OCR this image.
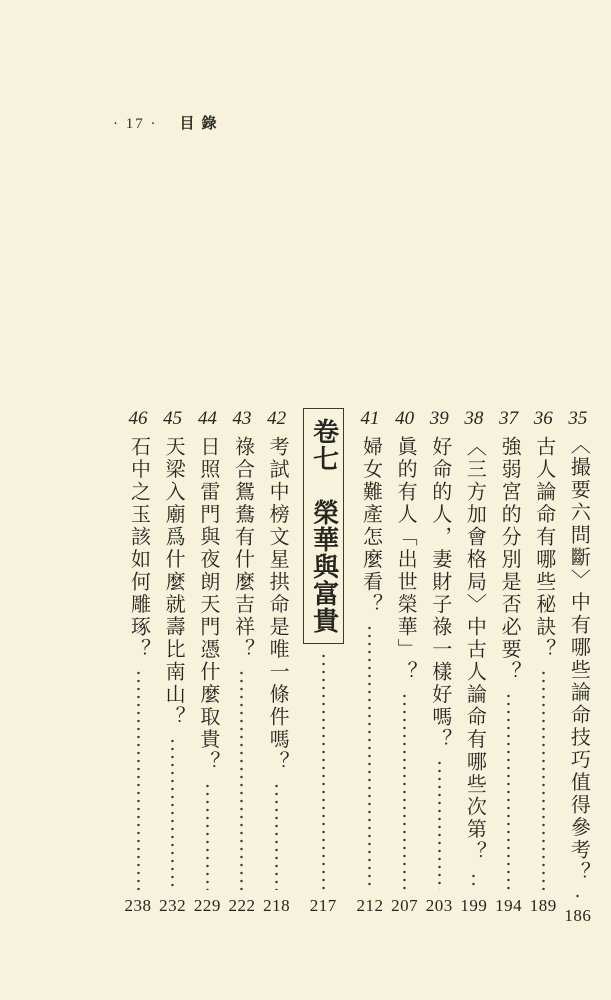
· 17 · 目錄
35
〈撮要六問斷〉中有哪些論命技巧值得參考？
186
36
古人論命有哪些秘訣？
189
37
強弱宮的分別是否必要？
194
38
〈三方加會格局〉中古人論命有哪些次第？
199
39
好命的人，妻財子祿一樣好嗎？
203
40
眞的有人「出世榮華」？
207
41
婦女難產怎麼看？
212
卷七　榮華與富貴
217
42
考試中榜文星拱命是唯一條件嗎？
218
43
祿合鴛鴦有什麼吉祥？
222
44
日照雷門與夜朗天門憑什麼取貴？
229
45
天梁入廟爲什麼就壽比南山？
232
46
石中之玉該如何雕琢？
238
